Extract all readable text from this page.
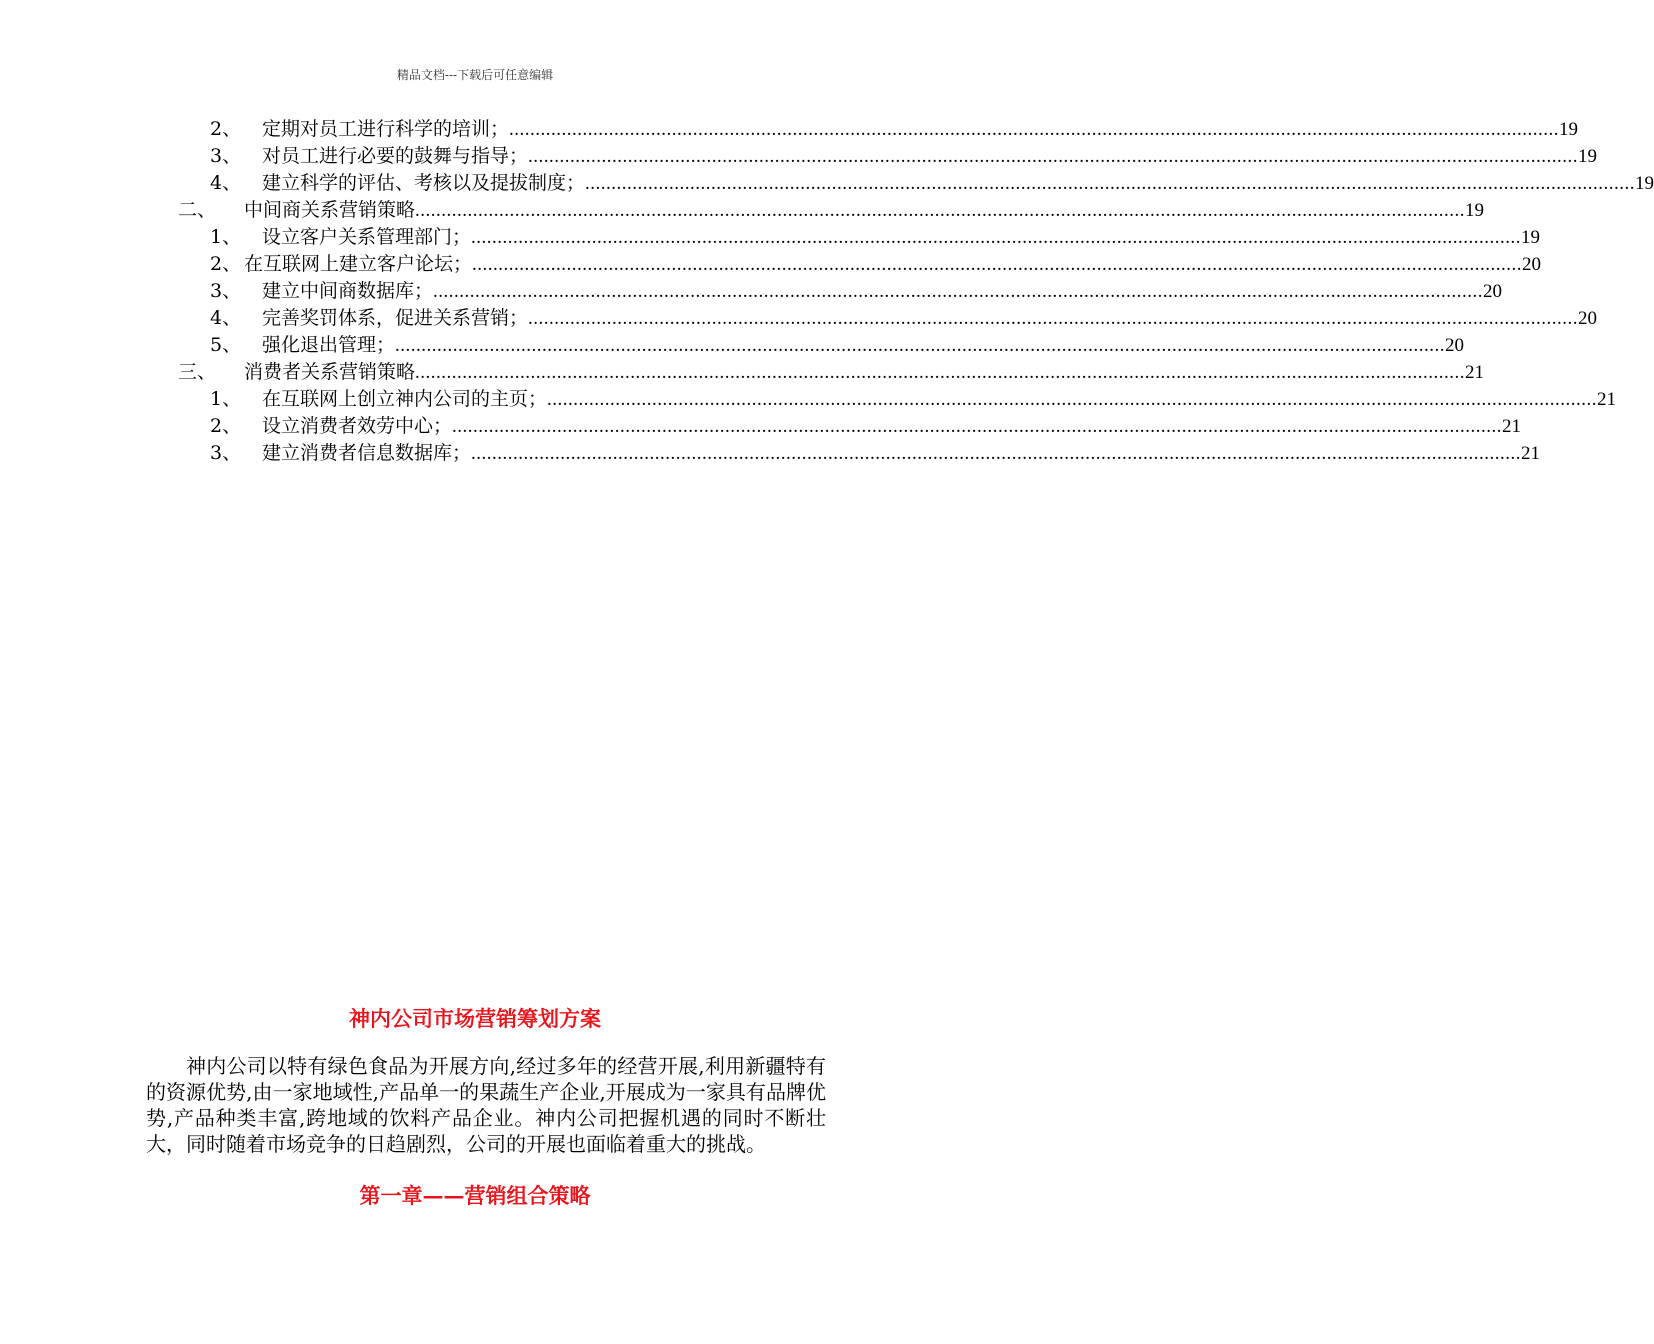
精品文档---下载后可任意编辑
2、	定期对员工进行科学的培训； ........................................................................................................................................................................................................ 19
3、	对员工进行必要的鼓舞与指导； ........................................................................................................................................................................................................ 19
4、	建立科学的评估、考核以及提拔制度； ........................................................................................................................................................................................................ 19
二、	中间商关系营销策略 ........................................................................................................................................................................................................ 19
1、	设立客户关系管理部门； ........................................................................................................................................................................................................ 19
2、 在互联网上建立客户论坛； ........................................................................................................................................................................................................ 20
3、	建立中间商数据库； ........................................................................................................................................................................................................ 20
4、	完善奖罚体系，促进关系营销； ........................................................................................................................................................................................................ 20
5、	强化退出管理； ........................................................................................................................................................................................................ 20
三、	消费者关系营销策略 ........................................................................................................................................................................................................ 21
1、	在互联网上创立神内公司的主页； ........................................................................................................................................................................................................ 21
2、	设立消费者效劳中心； ........................................................................................................................................................................................................ 21
3、	建立消费者信息数据库； ........................................................................................................................................................................................................ 21
神内公司市场营销筹划方案
神内公司以特有绿色食品为开展方向,经过多年的经营开展,利用新疆特有的资源优势,由一家地域性,产品单一的果蔬生产企业,开展成为一家具有品牌优势,产品种类丰富,跨地域的饮料产品企业。神内公司把握机遇的同时不断壮大，同时随着市场竞争的日趋剧烈，公司的开展也面临着重大的挑战。
第一章——营销组合策略
